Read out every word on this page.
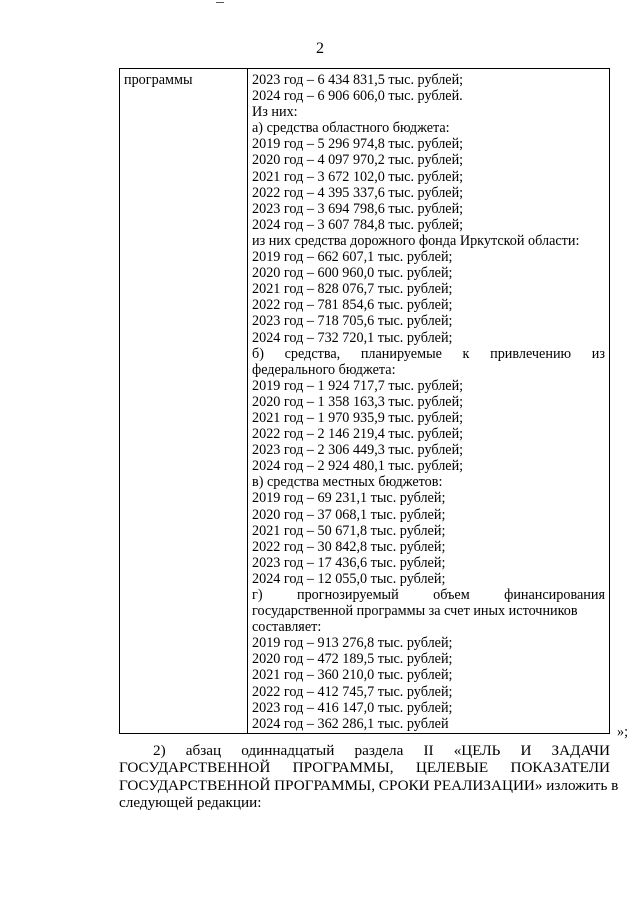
2
программы	2023 год – 6 434 831,5 тыс. рублей;
2024 год – 6 906 606,0 тыс. рублей.
Из них:
а) средства областного бюджета:
2019 год – 5 296 974,8 тыс. рублей;
2020 год – 4 097 970,2 тыс. рублей;
2021 год – 3 672 102,0 тыс. рублей;
2022 год – 4 395 337,6 тыс. рублей;
2023 год – 3 694 798,6 тыс. рублей;
2024 год – 3 607 784,8 тыс. рублей;
из них средства дорожного фонда Иркутской области:
2019 год – 662 607,1 тыс. рублей;
2020 год – 600 960,0 тыс. рублей;
2021 год – 828 076,7 тыс. рублей;
2022 год – 781 854,6 тыс. рублей;
2023 год – 718 705,6 тыс. рублей;
2024 год – 732 720,1 тыс. рублей;
б) средства, планируемые к привлечению из
федерального бюджета:
2019 год – 1 924 717,7 тыс. рублей;
2020 год – 1 358 163,3 тыс. рублей;
2021 год – 1 970 935,9 тыс. рублей;
2022 год – 2 146 219,4 тыс. рублей;
2023 год – 2 306 449,3 тыс. рублей;
2024 год – 2 924 480,1 тыс. рублей;
в) средства местных бюджетов:
2019 год – 69 231,1 тыс. рублей;
2020 год – 37 068,1 тыс. рублей;
2021 год – 50 671,8 тыс. рублей;
2022 год – 30 842,8 тыс. рублей;
2023 год – 17 436,6 тыс. рублей;
2024 год – 12 055,0 тыс. рублей;
г) прогнозируемый объем финансирования
государственной программы за счет иных источников
составляет:
2019 год – 913 276,8 тыс. рублей;
2020 год – 472 189,5 тыс. рублей;
2021 год – 360 210,0 тыс. рублей;
2022 год – 412 745,7 тыс. рублей;
2023 год – 416 147,0 тыс. рублей;
2024 год – 362 286,1 тыс. рублей
»;
2) абзац одиннадцатый раздела II «ЦЕЛЬ И ЗАДАЧИ
ГОСУДАРСТВЕННОЙ ПРОГРАММЫ, ЦЕЛЕВЫЕ ПОКАЗАТЕЛИ
ГОСУДАРСТВЕННОЙ ПРОГРАММЫ, СРОКИ РЕАЛИЗАЦИИ» изложить в
следующей редакции:
